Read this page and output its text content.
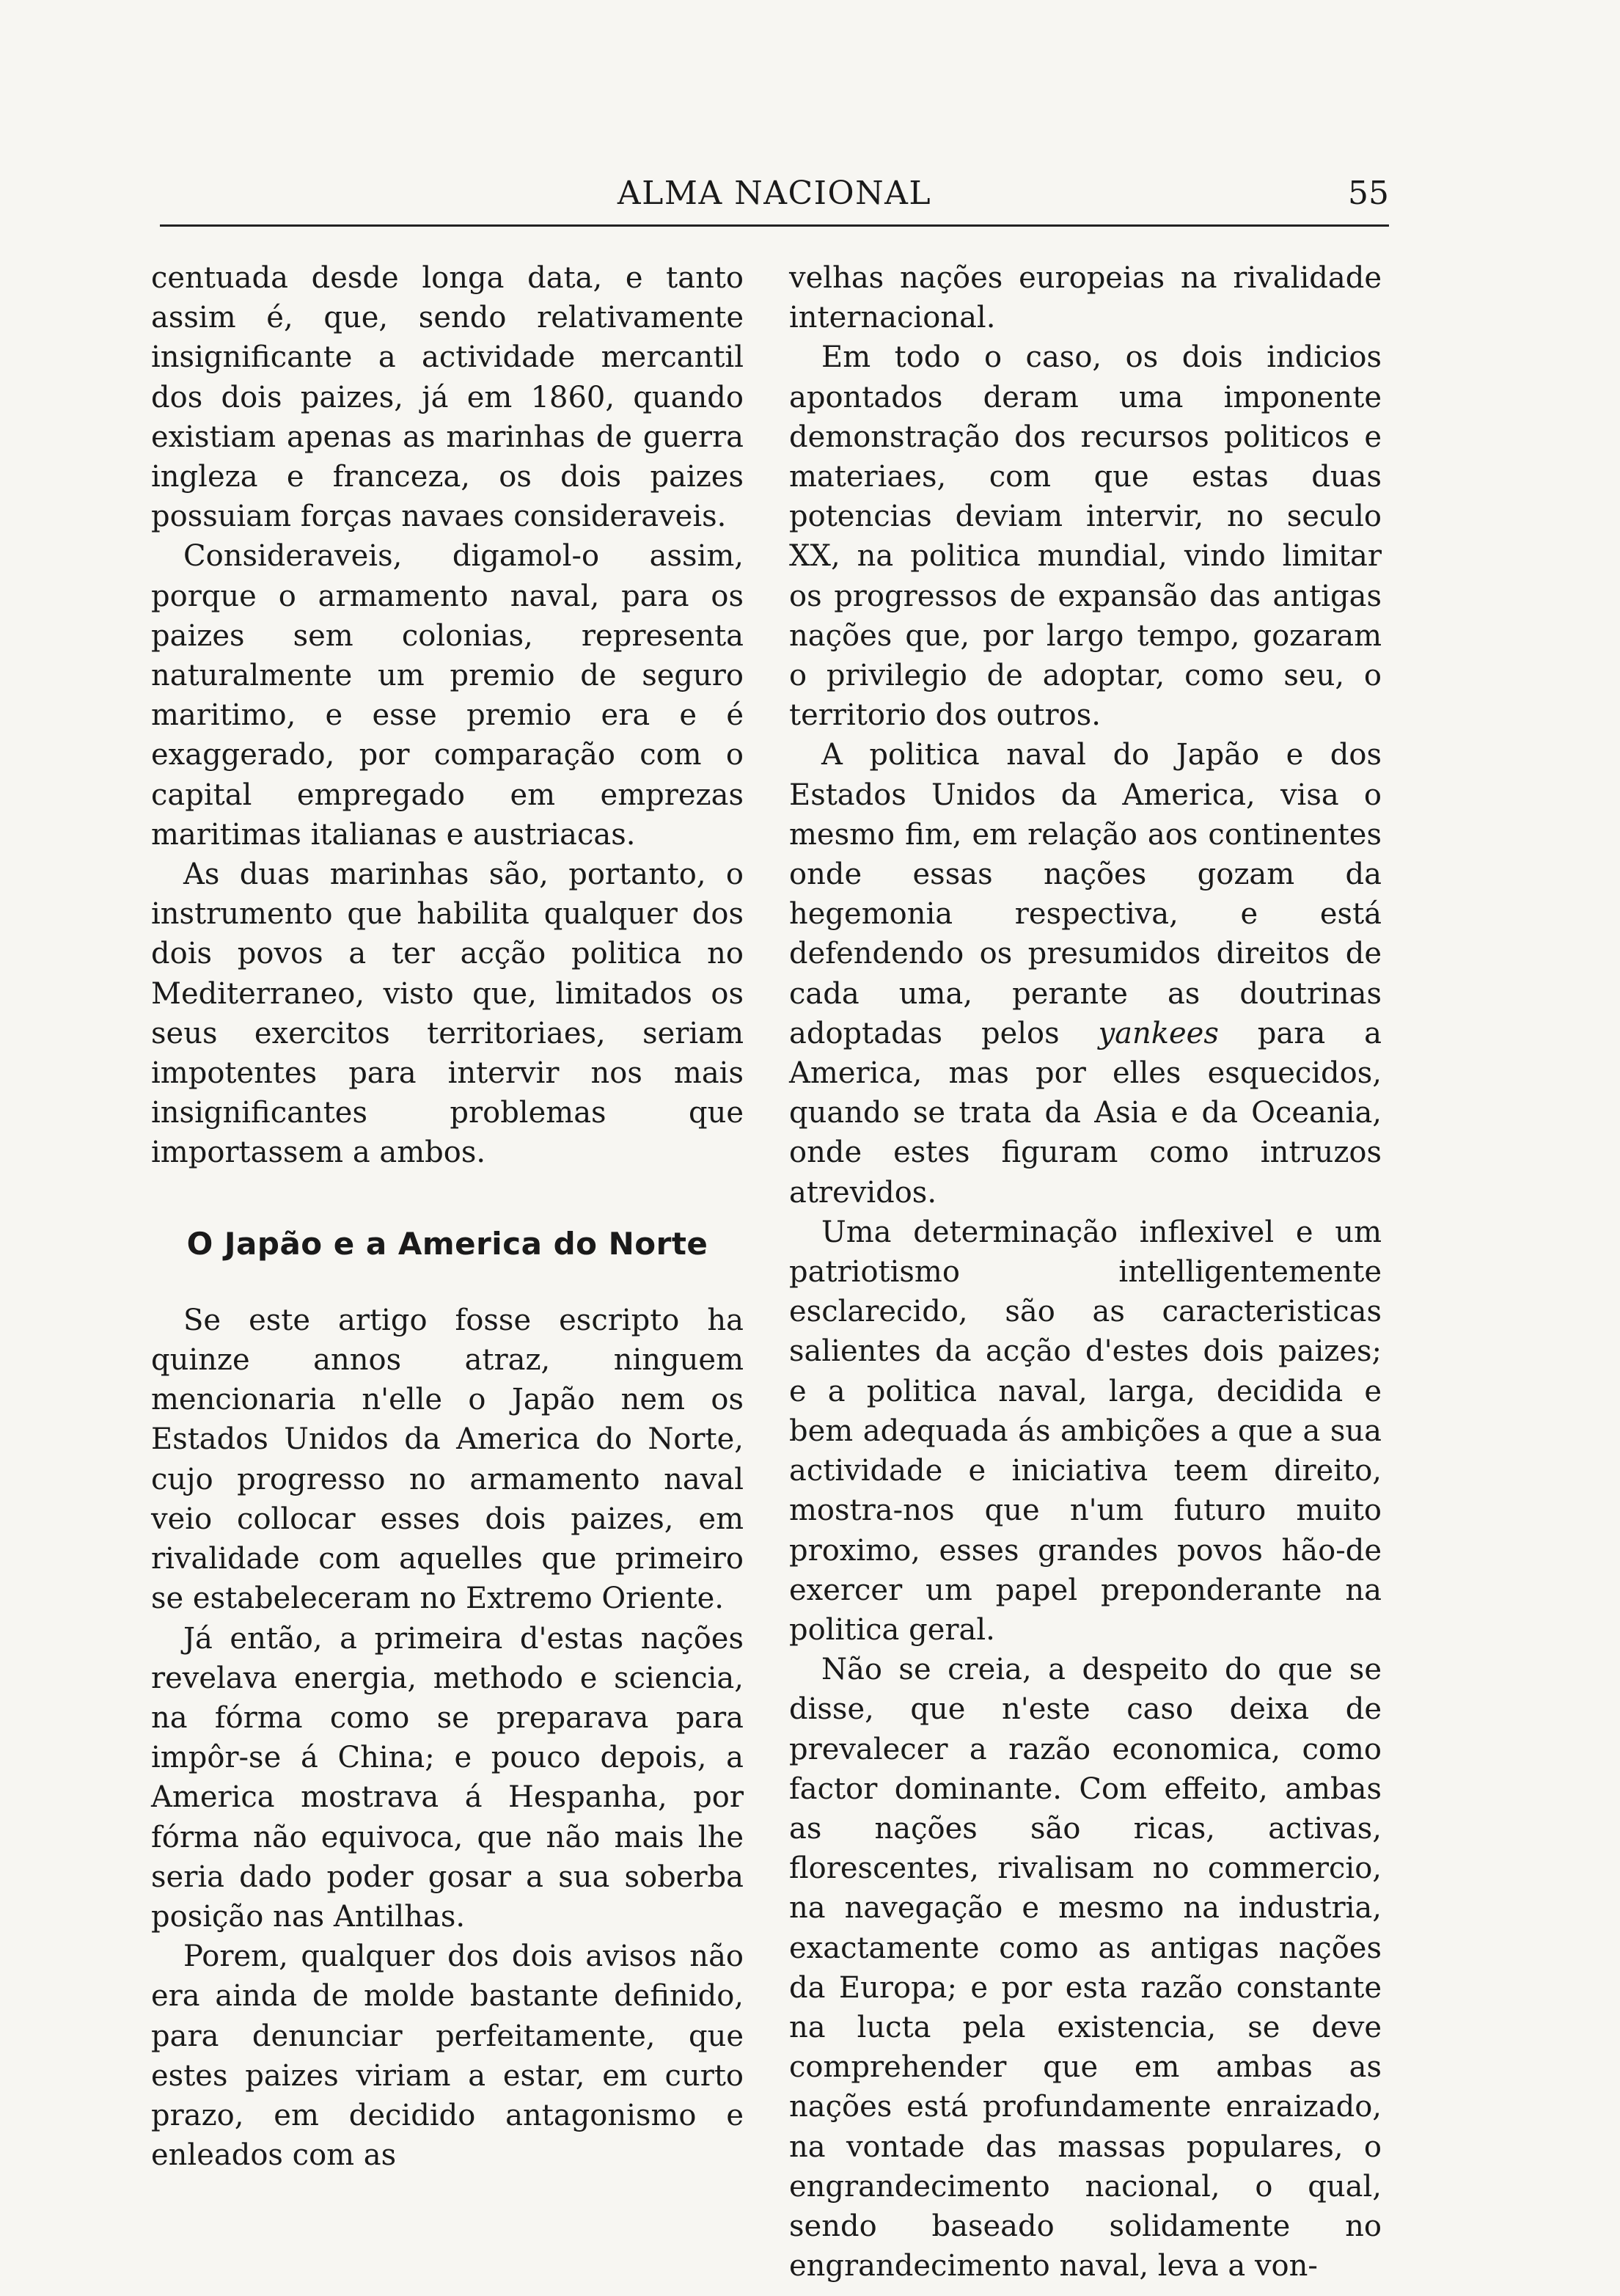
ALMA NACIONAL	55

centuada desde longa data, e tanto assim é, que, sendo relativamente insignificante a actividade mercantil dos dois paizes, já em 1860, quando existiam apenas as marinhas de guerra ingleza e franceza, os dois paizes possuiam forças navaes consideraveis.

Consideraveis, digamol-o assim, porque o armamento naval, para os paizes sem colonias, representa naturalmente um premio de seguro maritimo, e esse premio era e é exaggerado, por comparação com o capital empregado em emprezas maritimas italianas e austriacas.

As duas marinhas são, portanto, o instrumento que habilita qualquer dos dois povos a ter acção politica no Mediterraneo, visto que, limitados os seus exercitos territoriaes, seriam impotentes para intervir nos mais insignificantes problemas que importassem a ambos.

O Japão e a America do Norte

Se este artigo fosse escripto ha quinze annos atraz, ninguem mencionaria n'elle o Japão nem os Estados Unidos da America do Norte, cujo progresso no armamento naval veio collocar esses dois paizes, em rivalidade com aquelles que primeiro se estabeleceram no Extremo Oriente.

Já então, a primeira d'estas nações revelava energia, methodo e sciencia, na fórma como se preparava para impôr-se á China; e pouco depois, a America mostrava á Hespanha, por fórma não equivoca, que não mais lhe seria dado poder gosar a sua soberba posição nas Antilhas.

Porem, qualquer dos dois avisos não era ainda de molde bastante definido, para denunciar perfeitamente, que estes paizes viriam a estar, em curto prazo, em decidido antagonismo e enleados com as

velhas nações europeias na rivalidade internacional.

Em todo o caso, os dois indicios apontados deram uma imponente demonstração dos recursos politicos e materiaes, com que estas duas potencias deviam intervir, no seculo XX, na politica mundial, vindo limitar os progressos de expansão das antigas nações que, por largo tempo, gozaram o privilegio de adoptar, como seu, o territorio dos outros.

A politica naval do Japão e dos Estados Unidos da America, visa o mesmo fim, em relação aos continentes onde essas nações gozam da hegemonia respectiva, e está defendendo os presumidos direitos de cada uma, perante as doutrinas adoptadas pelos yankees para a America, mas por elles esquecidos, quando se trata da Asia e da Oceania, onde estes figuram como intruzos atrevidos.

Uma determinação inflexivel e um patriotismo intelligentemente esclarecido, são as caracteristicas salientes da acção d'estes dois paizes; e a politica naval, larga, decidida e bem adequada ás ambições a que a sua actividade e iniciativa teem direito, mostra-nos que n'um futuro muito proximo, esses grandes povos hão-de exercer um papel preponderante na politica geral.

Não se creia, a despeito do que se disse, que n'este caso deixa de prevalecer a razão economica, como factor dominante. Com effeito, ambas as nações são ricas, activas, florescentes, rivalisam no commercio, na navegação e mesmo na industria, exactamente como as antigas nações da Europa; e por esta razão constante na lucta pela existencia, se deve comprehender que em ambas as nações está profundamente enraizado, na vontade das massas populares, o engrandecimento nacional, o qual, sendo baseado solidamente no engrandecimento naval, leva a von-
